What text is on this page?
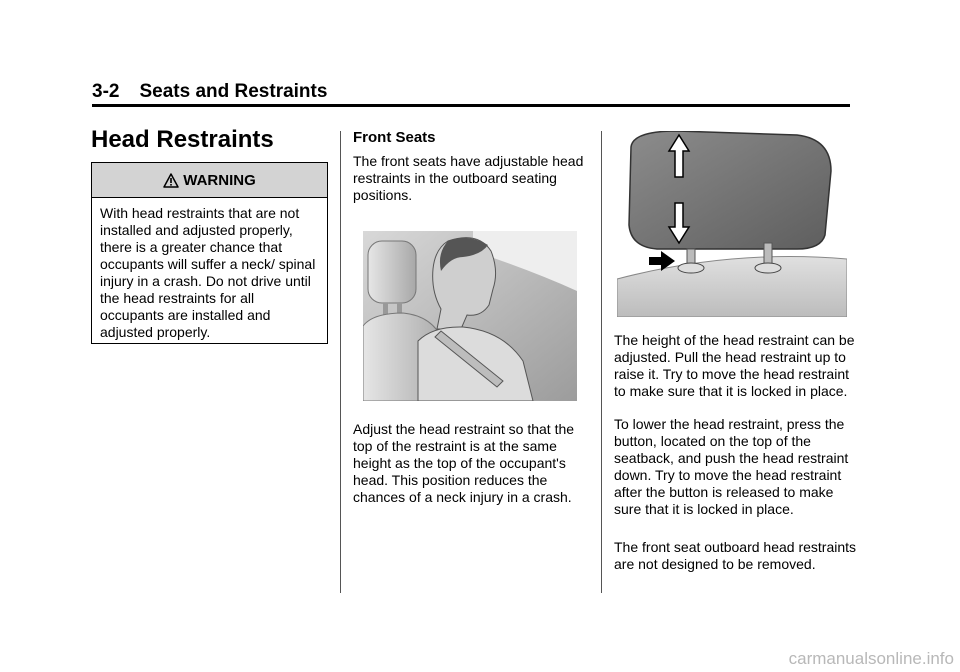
3-2 Seats and Restraints
Head Restraints
WARNING
With head restraints that are not installed and adjusted properly, there is a greater chance that occupants will suffer a neck/ spinal injury in a crash. Do not drive until the head restraints for all occupants are installed and adjusted properly.
Front Seats

The front seats have adjustable head restraints in the outboard seating positions.

Adjust the head restraint so that the top of the restraint is at the same height as the top of the occupant's head. This position reduces the chances of a neck injury in a crash.

The height of the head restraint can be adjusted. Pull the head restraint up to raise it. Try to move the head restraint to make sure that it is locked in place.

To lower the head restraint, press the button, located on the top of the seatback, and push the head restraint down. Try to move the head restraint after the button is released to make sure that it is locked in place.

The front seat outboard head restraints are not designed to be removed.

carmanualsonline.info
